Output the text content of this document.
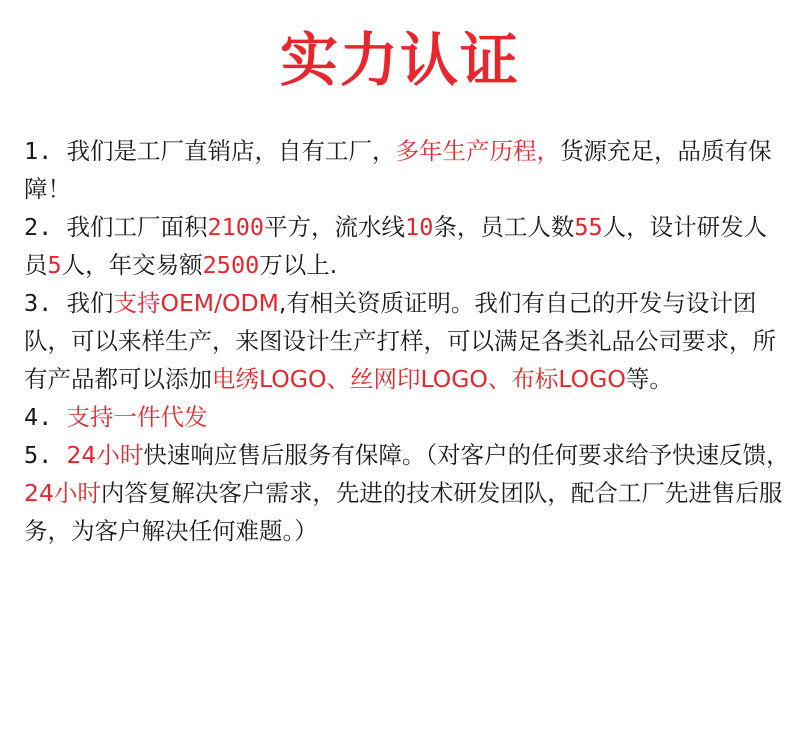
实力认证

1. 我们是工厂直销店，自有工厂，多年生产历程，货源充足，品质有保障！

2. 我们工厂面积2100平方，流水线10条，员工人数55人，设计研发人员5人，年交易额2500万以上.

3. 我们支持OEM/ODM,有相关资质证明。我们有自己的开发与设计团队，可以来样生产，来图设计生产打样，可以满足各类礼品公司要求，所有产品都可以添加电绣LOGO、丝网印LOGO、布标LOGO等。

4. 支持一件代发

5. 24小时快速响应售后服务有保障。（对客户的任何要求给予快速反馈，24小时内答复解决客户需求，先进的技术研发团队，配合工厂先进售后服务，为客户解决任何难题。）
